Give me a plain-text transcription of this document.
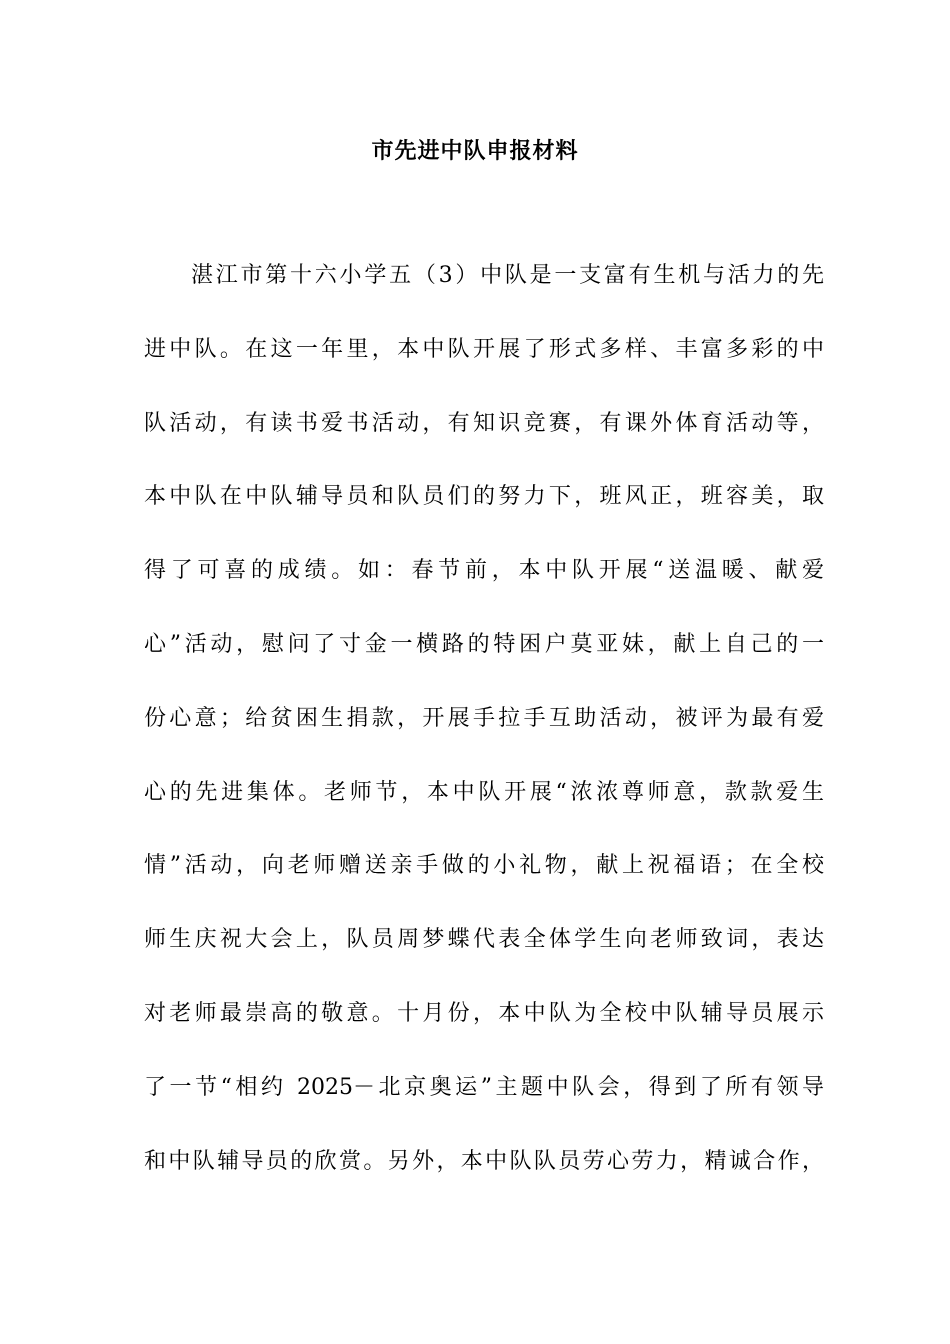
市先进中队申报材料
湛江市第十六小学五（3）中队是一支富有生机与活力的先
进中队。在这一年里，本中队开展了形式多样、丰富多彩的中
队活动，有读书爱书活动，有知识竞赛，有课外体育活动等，
本中队在中队辅导员和队员们的努力下，班风正，班容美，取
得了可喜的成绩。如：春节前，本中队开展“送温暖、献爱
心”活动，慰问了寸金一横路的特困户莫亚妹，献上自己的一
份心意；给贫困生捐款，开展手拉手互助活动，被评为最有爱
心的先进集体。老师节，本中队开展“浓浓尊师意，款款爱生
情”活动，向老师赠送亲手做的小礼物，献上祝福语；在全校
师生庆祝大会上，队员周梦蝶代表全体学生向老师致词，表达
对老师最崇高的敬意。十月份，本中队为全校中队辅导员展示
了一节“相约 2025－北京奥运”主题中队会，得到了所有领导
和中队辅导员的欣赏。另外，本中队队员劳心劳力，精诚合作，
